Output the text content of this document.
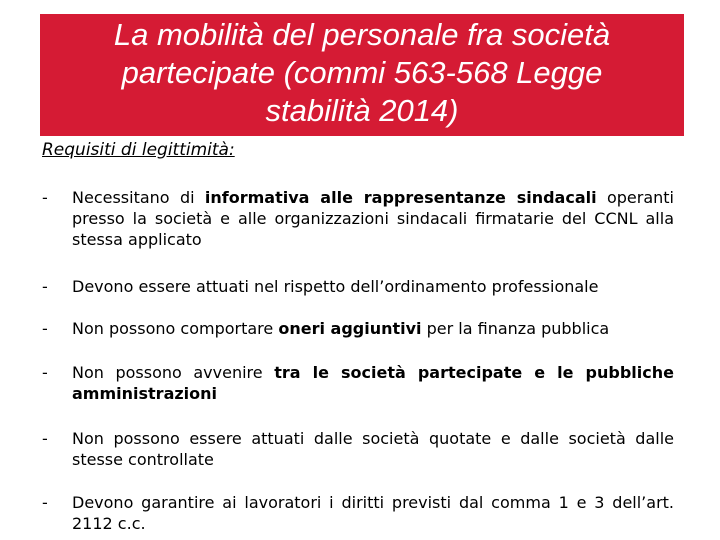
La mobilità del personale fra società
partecipate (commi 563-568 Legge
stabilità 2014)

Requisiti di legittimità:

-	Necessitano di informativa alle rappresentanze sindacali operanti presso la società e alle organizzazioni sindacali firmatarie del CCNL alla stessa applicato
-	Devono essere attuati nel rispetto dell’ordinamento professionale
-	Non possono comportare oneri aggiuntivi per la finanza pubblica
-	Non possono avvenire tra le società partecipate e le pubbliche amministrazioni
-	Non possono essere attuati dalle società quotate e dalle società dalle stesse controllate
-	Devono garantire ai lavoratori i diritti previsti dal comma 1 e 3 dell’art. 2112 c.c.
